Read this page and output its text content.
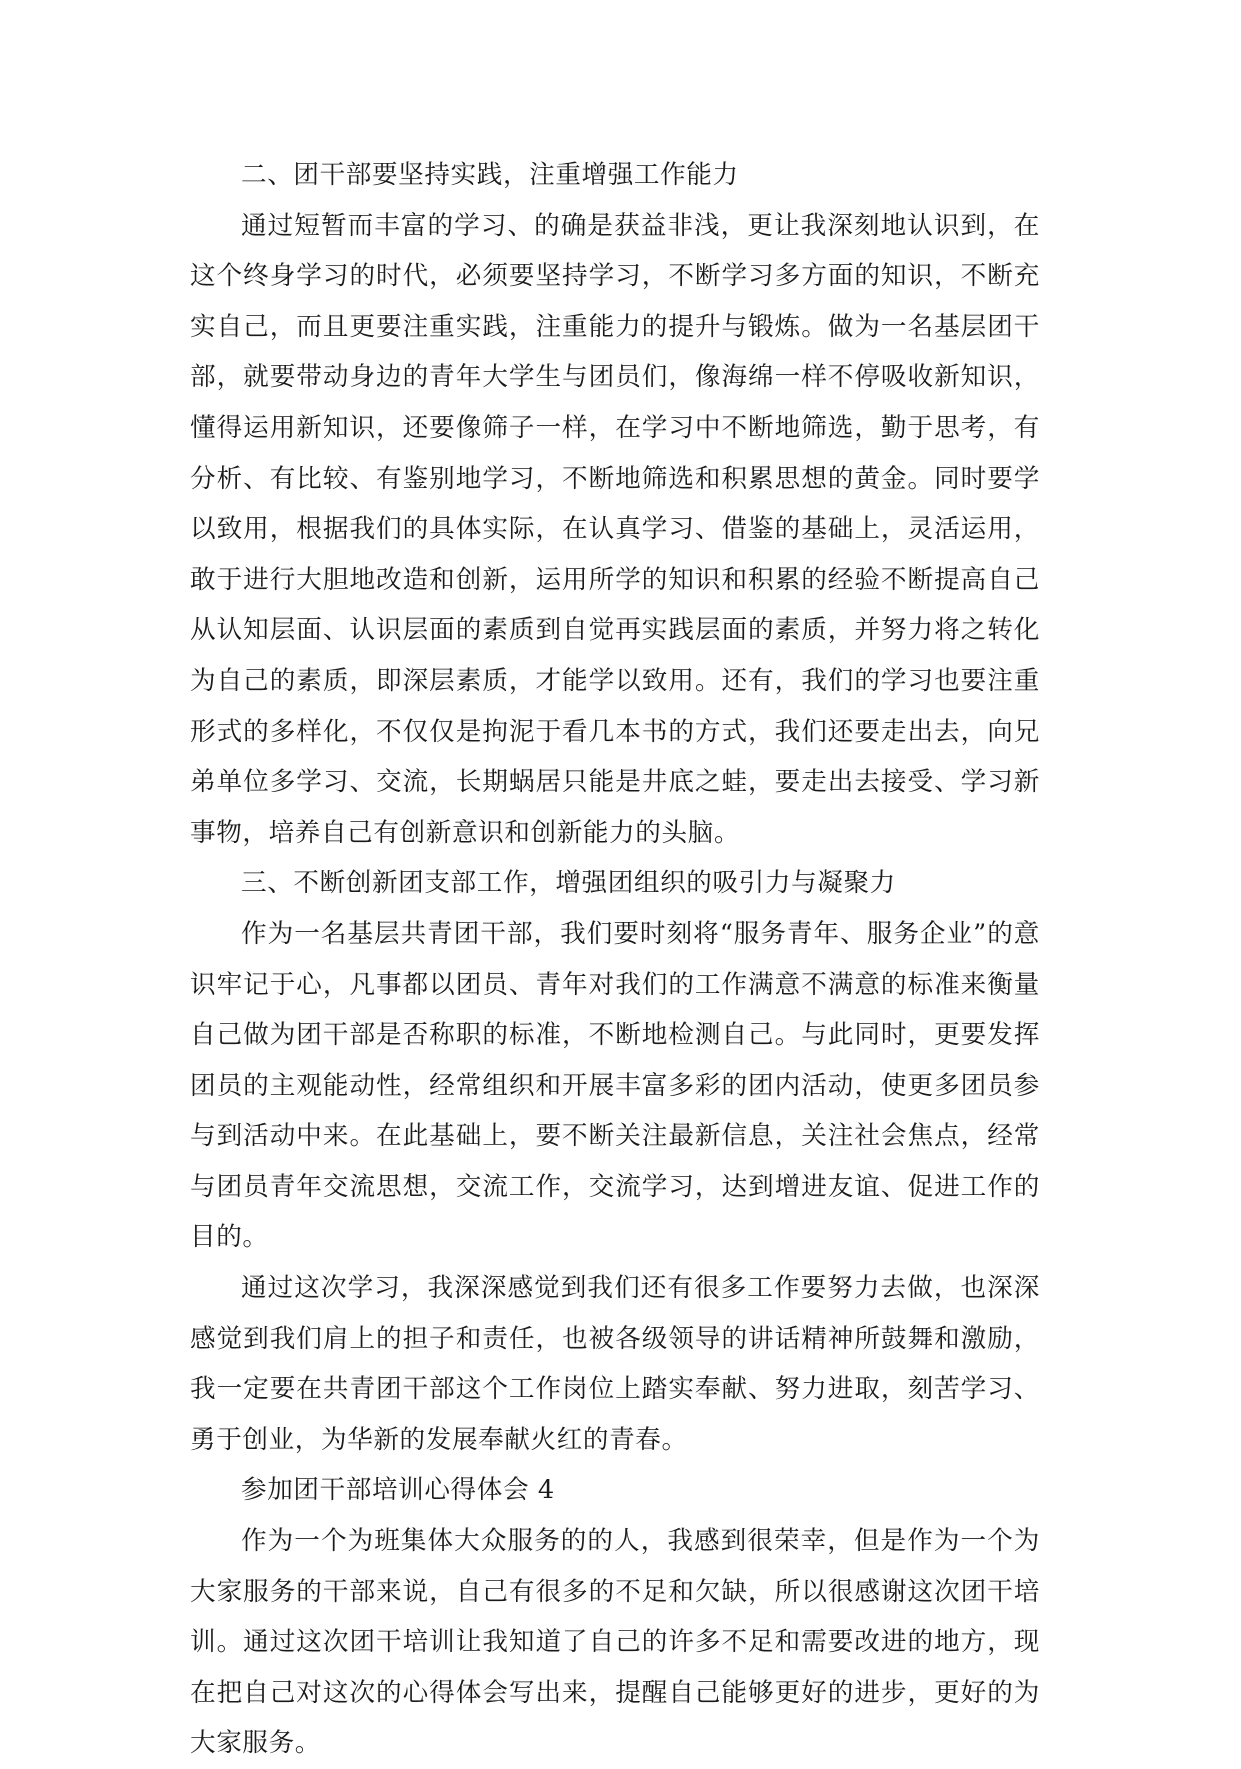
二、团干部要坚持实践，注重增强工作能力

通过短暂而丰富的学习、的确是获益非浅，更让我深刻地认识到，在这个终身学习的时代，必须要坚持学习，不断学习多方面的知识，不断充实自己，而且更要注重实践，注重能力的提升与锻炼。做为一名基层团干部，就要带动身边的青年大学生与团员们，像海绵一样不停吸收新知识，懂得运用新知识，还要像筛子一样，在学习中不断地筛选，勤于思考，有分析、有比较、有鉴别地学习，不断地筛选和积累思想的黄金。同时要学以致用，根据我们的具体实际，在认真学习、借鉴的基础上，灵活运用，敢于进行大胆地改造和创新，运用所学的知识和积累的经验不断提高自己从认知层面、认识层面的素质到自觉再实践层面的素质，并努力将之转化为自己的素质，即深层素质，才能学以致用。还有，我们的学习也要注重形式的多样化，不仅仅是拘泥于看几本书的方式，我们还要走出去，向兄弟单位多学习、交流，长期蜗居只能是井底之蛙，要走出去接受、学习新事物，培养自己有创新意识和创新能力的头脑。

三、不断创新团支部工作，增强团组织的吸引力与凝聚力

作为一名基层共青团干部，我们要时刻将“服务青年、服务企业”的意识牢记于心，凡事都以团员、青年对我们的工作满意不满意的标准来衡量自己做为团干部是否称职的标准，不断地检测自己。与此同时，更要发挥团员的主观能动性，经常组织和开展丰富多彩的团内活动，使更多团员参与到活动中来。在此基础上，要不断关注最新信息，关注社会焦点，经常与团员青年交流思想，交流工作，交流学习，达到增进友谊、促进工作的目的。

通过这次学习，我深深感觉到我们还有很多工作要努力去做，也深深感觉到我们肩上的担子和责任，也被各级领导的讲话精神所鼓舞和激励，我一定要在共青团干部这个工作岗位上踏实奉献、努力进取，刻苦学习、勇于创业，为华新的发展奉献火红的青春。

参加团干部培训心得体会 4

作为一个为班集体大众服务的的人，我感到很荣幸，但是作为一个为大家服务的干部来说，自己有很多的不足和欠缺，所以很感谢这次团干培训。通过这次团干培训让我知道了自己的许多不足和需要改进的地方，现在把自己对这次的心得体会写出来，提醒自己能够更好的进步，更好的为大家服务。
